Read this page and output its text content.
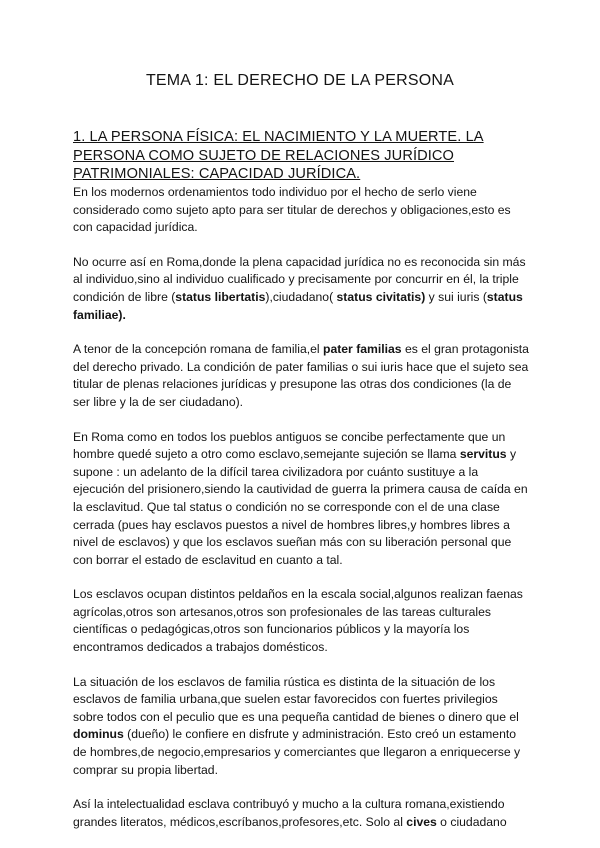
TEMA 1: EL DERECHO DE LA PERSONA
1. LA PERSONA FÍSICA: EL NACIMIENTO Y LA MUERTE. LA PERSONA COMO SUJETO DE RELACIONES JURÍDICO PATRIMONIALES: CAPACIDAD JURÍDICA.

En los modernos ordenamientos todo individuo por el hecho de serlo viene considerado como sujeto apto para ser titular de derechos y obligaciones,esto es con capacidad jurídica.

No ocurre así en Roma,donde la plena capacidad jurídica no es reconocida sin más al individuo,sino al individuo cualificado y precisamente por concurrir en él, la triple condición de libre (status libertatis),ciudadano( status civitatis) y sui iuris (status familiae).

A tenor de la concepción romana de familia,el pater familias es el gran protagonista del derecho privado. La condición de pater familias o sui iuris hace que el sujeto sea titular de plenas relaciones jurídicas y presupone las otras dos condiciones (la de ser libre y la de ser ciudadano).

En Roma como en todos los pueblos antiguos se concibe perfectamente que un hombre quedé sujeto a otro como esclavo,semejante sujeción se llama servitus y supone : un adelanto de la difícil tarea civilizadora por cuánto sustituye a la ejecución del prisionero,siendo la cautividad de guerra la primera causa de caída en la esclavitud. Que tal status o condición no se corresponde con el de una clase cerrada (pues hay esclavos puestos a nivel de hombres libres,y hombres libres a nivel de esclavos) y que los esclavos sueñan más con su liberación personal que con borrar el estado de esclavitud en cuanto a tal.

Los esclavos ocupan distintos peldaños en la escala social,algunos realizan faenas agrícolas,otros son artesanos,otros son profesionales de las tareas culturales científicas o pedagógicas,otros son funcionarios públicos y la mayoría los encontramos dedicados a trabajos domésticos.

La situación de los esclavos de familia rústica es distinta de la situación de los esclavos de familia urbana,que suelen estar favorecidos con fuertes privilegios sobre todos con el peculio que es una pequeña cantidad de bienes o dinero que el dominus (dueño) le confiere en disfrute y administración. Esto creó un estamento de hombres,de negocio,empresarios y comerciantes que llegaron a enriquecerse y comprar su propia libertad.

Así la intelectualidad esclava contribuyó y mucho a la cultura romana,existiendo grandes literatos, médicos,escríbanos,profesores,etc. Solo al cives o ciudadano
